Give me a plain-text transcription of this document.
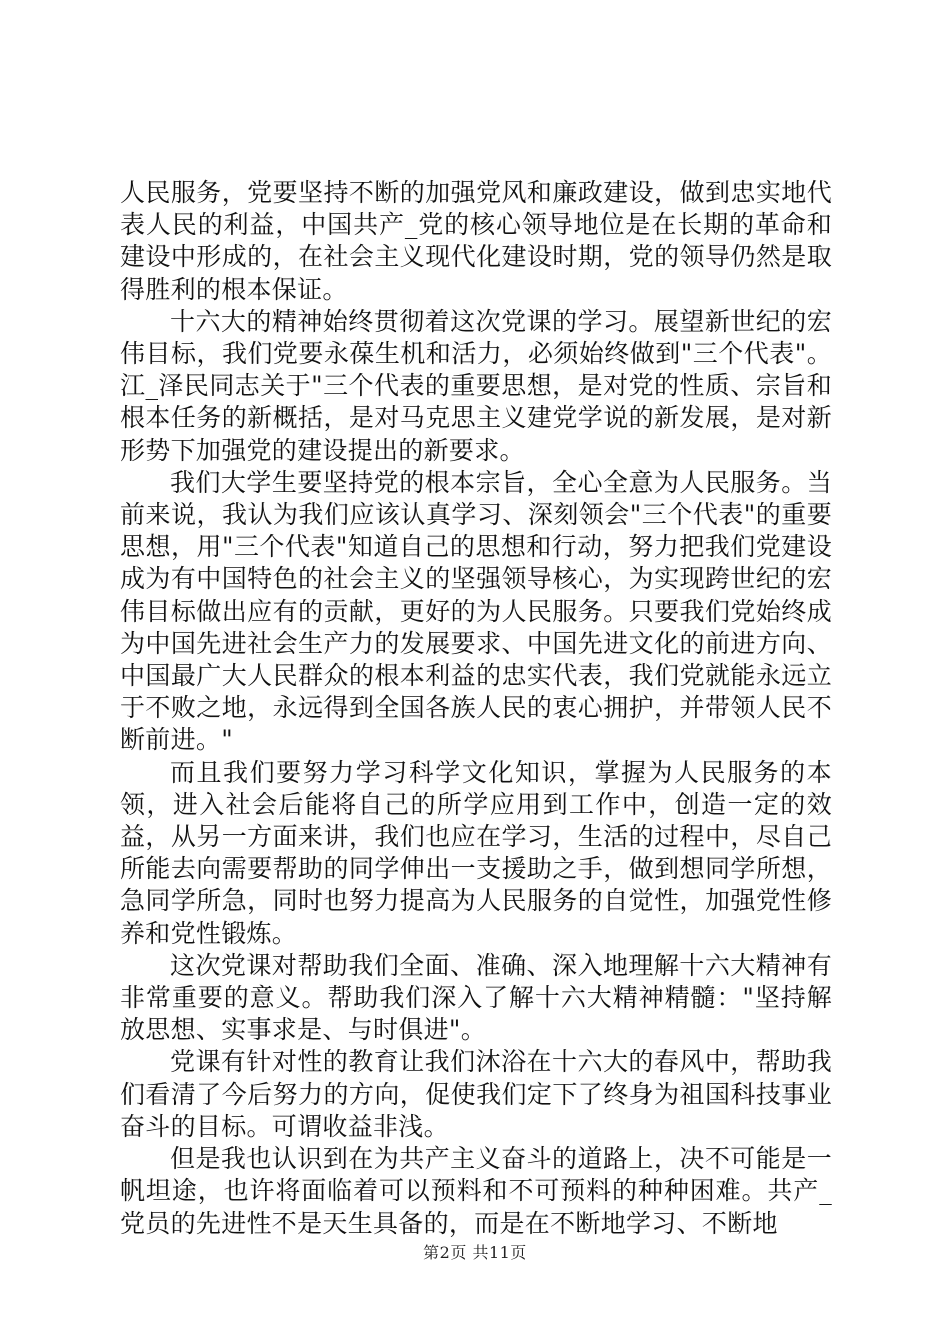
人民服务，党要坚持不断的加强党风和廉政建设，做到忠实地代表人民的利益，中国共产_党的核心领导地位是在长期的革命和建设中形成的，在社会主义现代化建设时期，党的领导仍然是取得胜利的根本保证。

十六大的精神始终贯彻着这次党课的学习。展望新世纪的宏伟目标，我们党要永葆生机和活力，必须始终做到"三个代表"。江_泽民同志关于"三个代表的重要思想，是对党的性质、宗旨和根本任务的新概括，是对马克思主义建党学说的新发展，是对新形势下加强党的建设提出的新要求。

我们大学生要坚持党的根本宗旨，全心全意为人民服务。当前来说，我认为我们应该认真学习、深刻领会"三个代表"的重要思想，用"三个代表"知道自己的思想和行动，努力把我们党建设成为有中国特色的社会主义的坚强领导核心，为实现跨世纪的宏伟目标做出应有的贡献，更好的为人民服务。只要我们党始终成为中国先进社会生产力的发展要求、中国先进文化的前进方向、中国最广大人民群众的根本利益的忠实代表，我们党就能永远立于不败之地，永远得到全国各族人民的衷心拥护，并带领人民不断前进。"

而且我们要努力学习科学文化知识，掌握为人民服务的本领，进入社会后能将自己的所学应用到工作中，创造一定的效益，从另一方面来讲，我们也应在学习，生活的过程中，尽自己所能去向需要帮助的同学伸出一支援助之手，做到想同学所想，急同学所急，同时也努力提高为人民服务的自觉性，加强党性修养和党性锻炼。

这次党课对帮助我们全面、准确、深入地理解十六大精神有非常重要的意义。帮助我们深入了解十六大精神精髓："坚持解放思想、实事求是、与时俱进"。

党课有针对性的教育让我们沐浴在十六大的春风中，帮助我们看清了今后努力的方向，促使我们定下了终身为祖国科技事业奋斗的目标。可谓收益非浅。

但是我也认识到在为共产主义奋斗的道路上，决不可能是一帆坦途，也许将面临着可以预料和不可预料的种种困难。共产_党员的先进性不是天生具备的，而是在不断地学习、不断地

第2页 共11页
